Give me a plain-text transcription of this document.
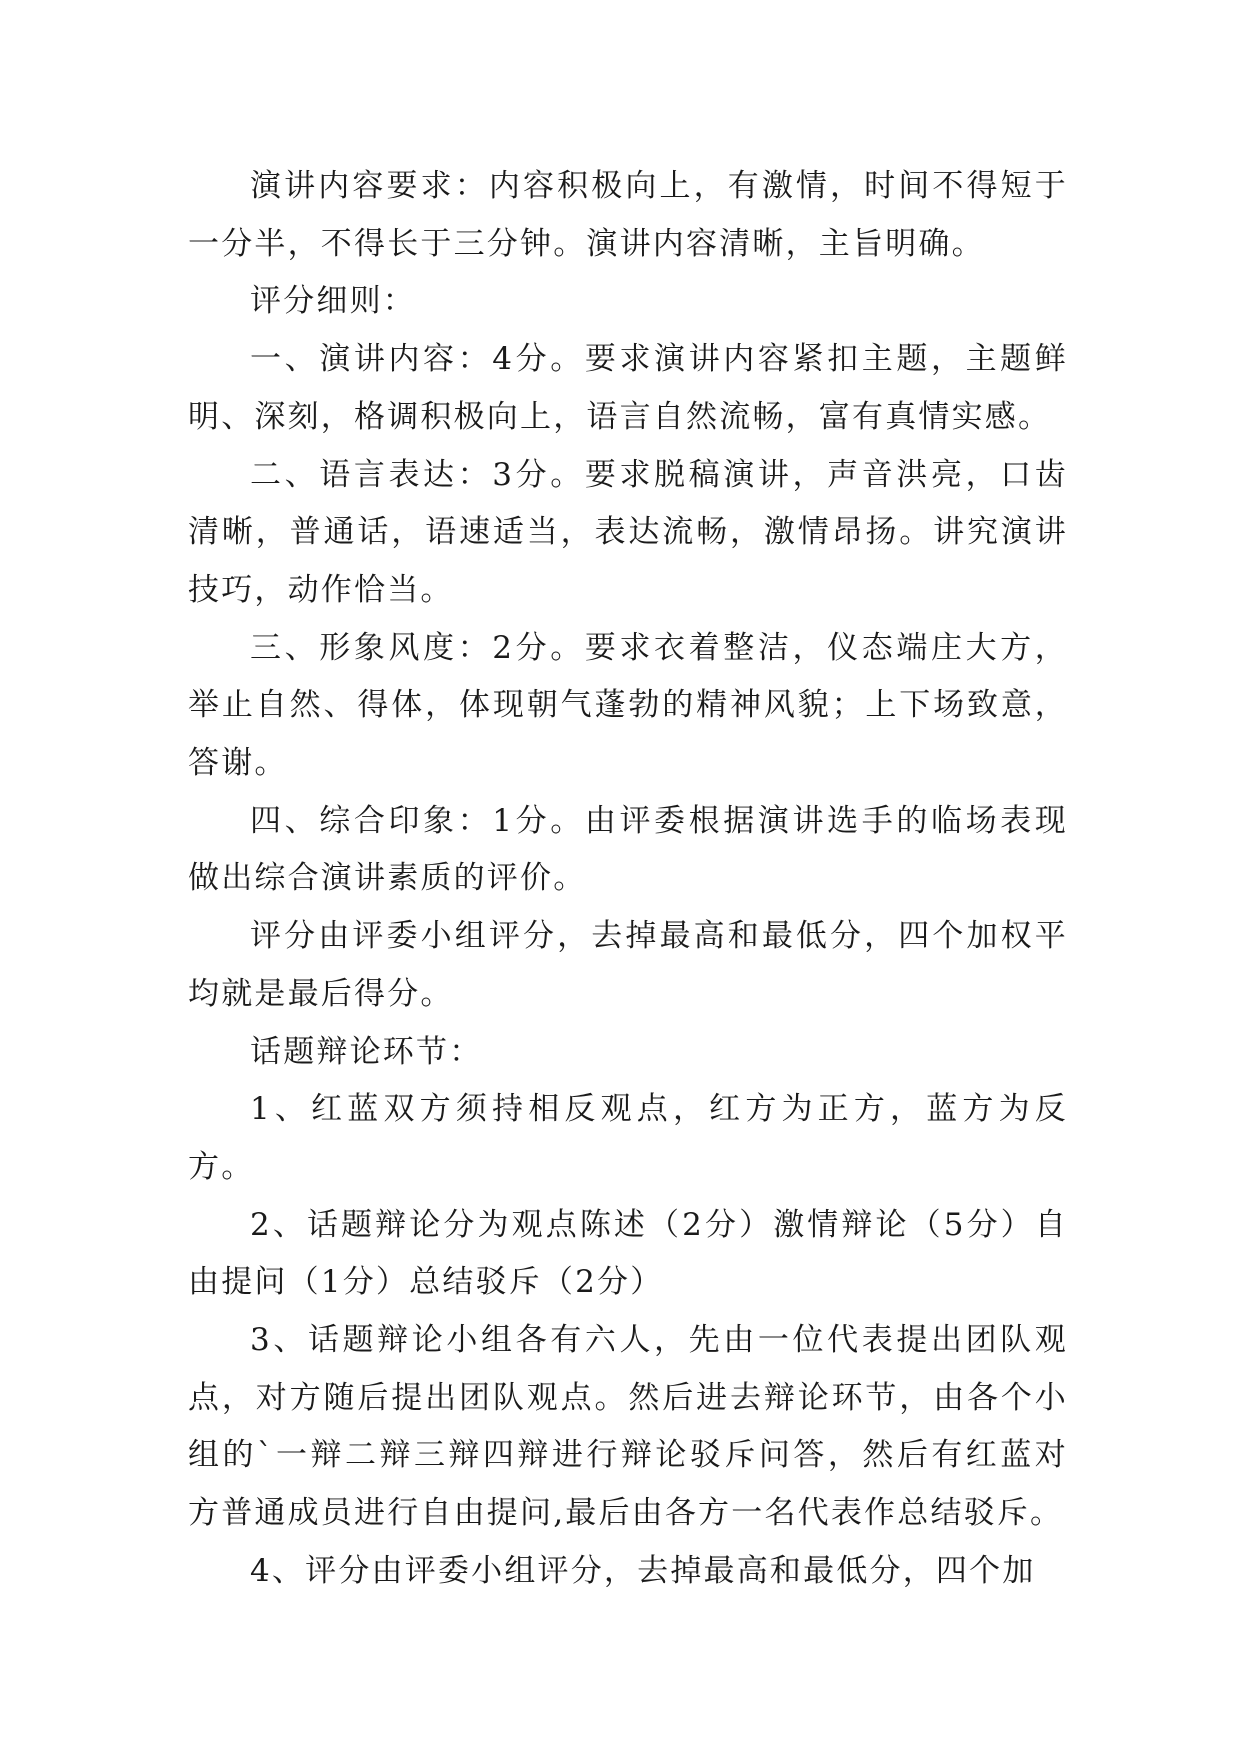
演讲内容要求：内容积极向上，有激情，时间不得短于一分半，不得长于三分钟。演讲内容清晰，主旨明确。

评分细则：

一、演讲内容：4分。要求演讲内容紧扣主题，主题鲜明、深刻，格调积极向上，语言自然流畅，富有真情实感。

二、语言表达：3分。要求脱稿演讲，声音洪亮，口齿清晰，普通话，语速适当，表达流畅，激情昂扬。讲究演讲技巧，动作恰当。

三、形象风度：2分。要求衣着整洁，仪态端庄大方，举止自然、得体，体现朝气蓬勃的精神风貌；上下场致意，答谢。

四、综合印象：1分。由评委根据演讲选手的临场表现做出综合演讲素质的评价。

评分由评委小组评分，去掉最高和最低分，四个加权平均就是最后得分。

话题辩论环节：

1、红蓝双方须持相反观点，红方为正方，蓝方为反方。

2、话题辩论分为观点陈述（2分）激情辩论（5分）自由提问（1分）总结驳斥（2分）

3、话题辩论小组各有六人，先由一位代表提出团队观点，对方随后提出团队观点。然后进去辩论环节，由各个小组的`一辩二辩三辩四辩进行辩论驳斥问答，然后有红蓝对方普通成员进行自由提问,最后由各方一名代表作总结驳斥。

4、评分由评委小组评分，去掉最高和最低分，四个加
